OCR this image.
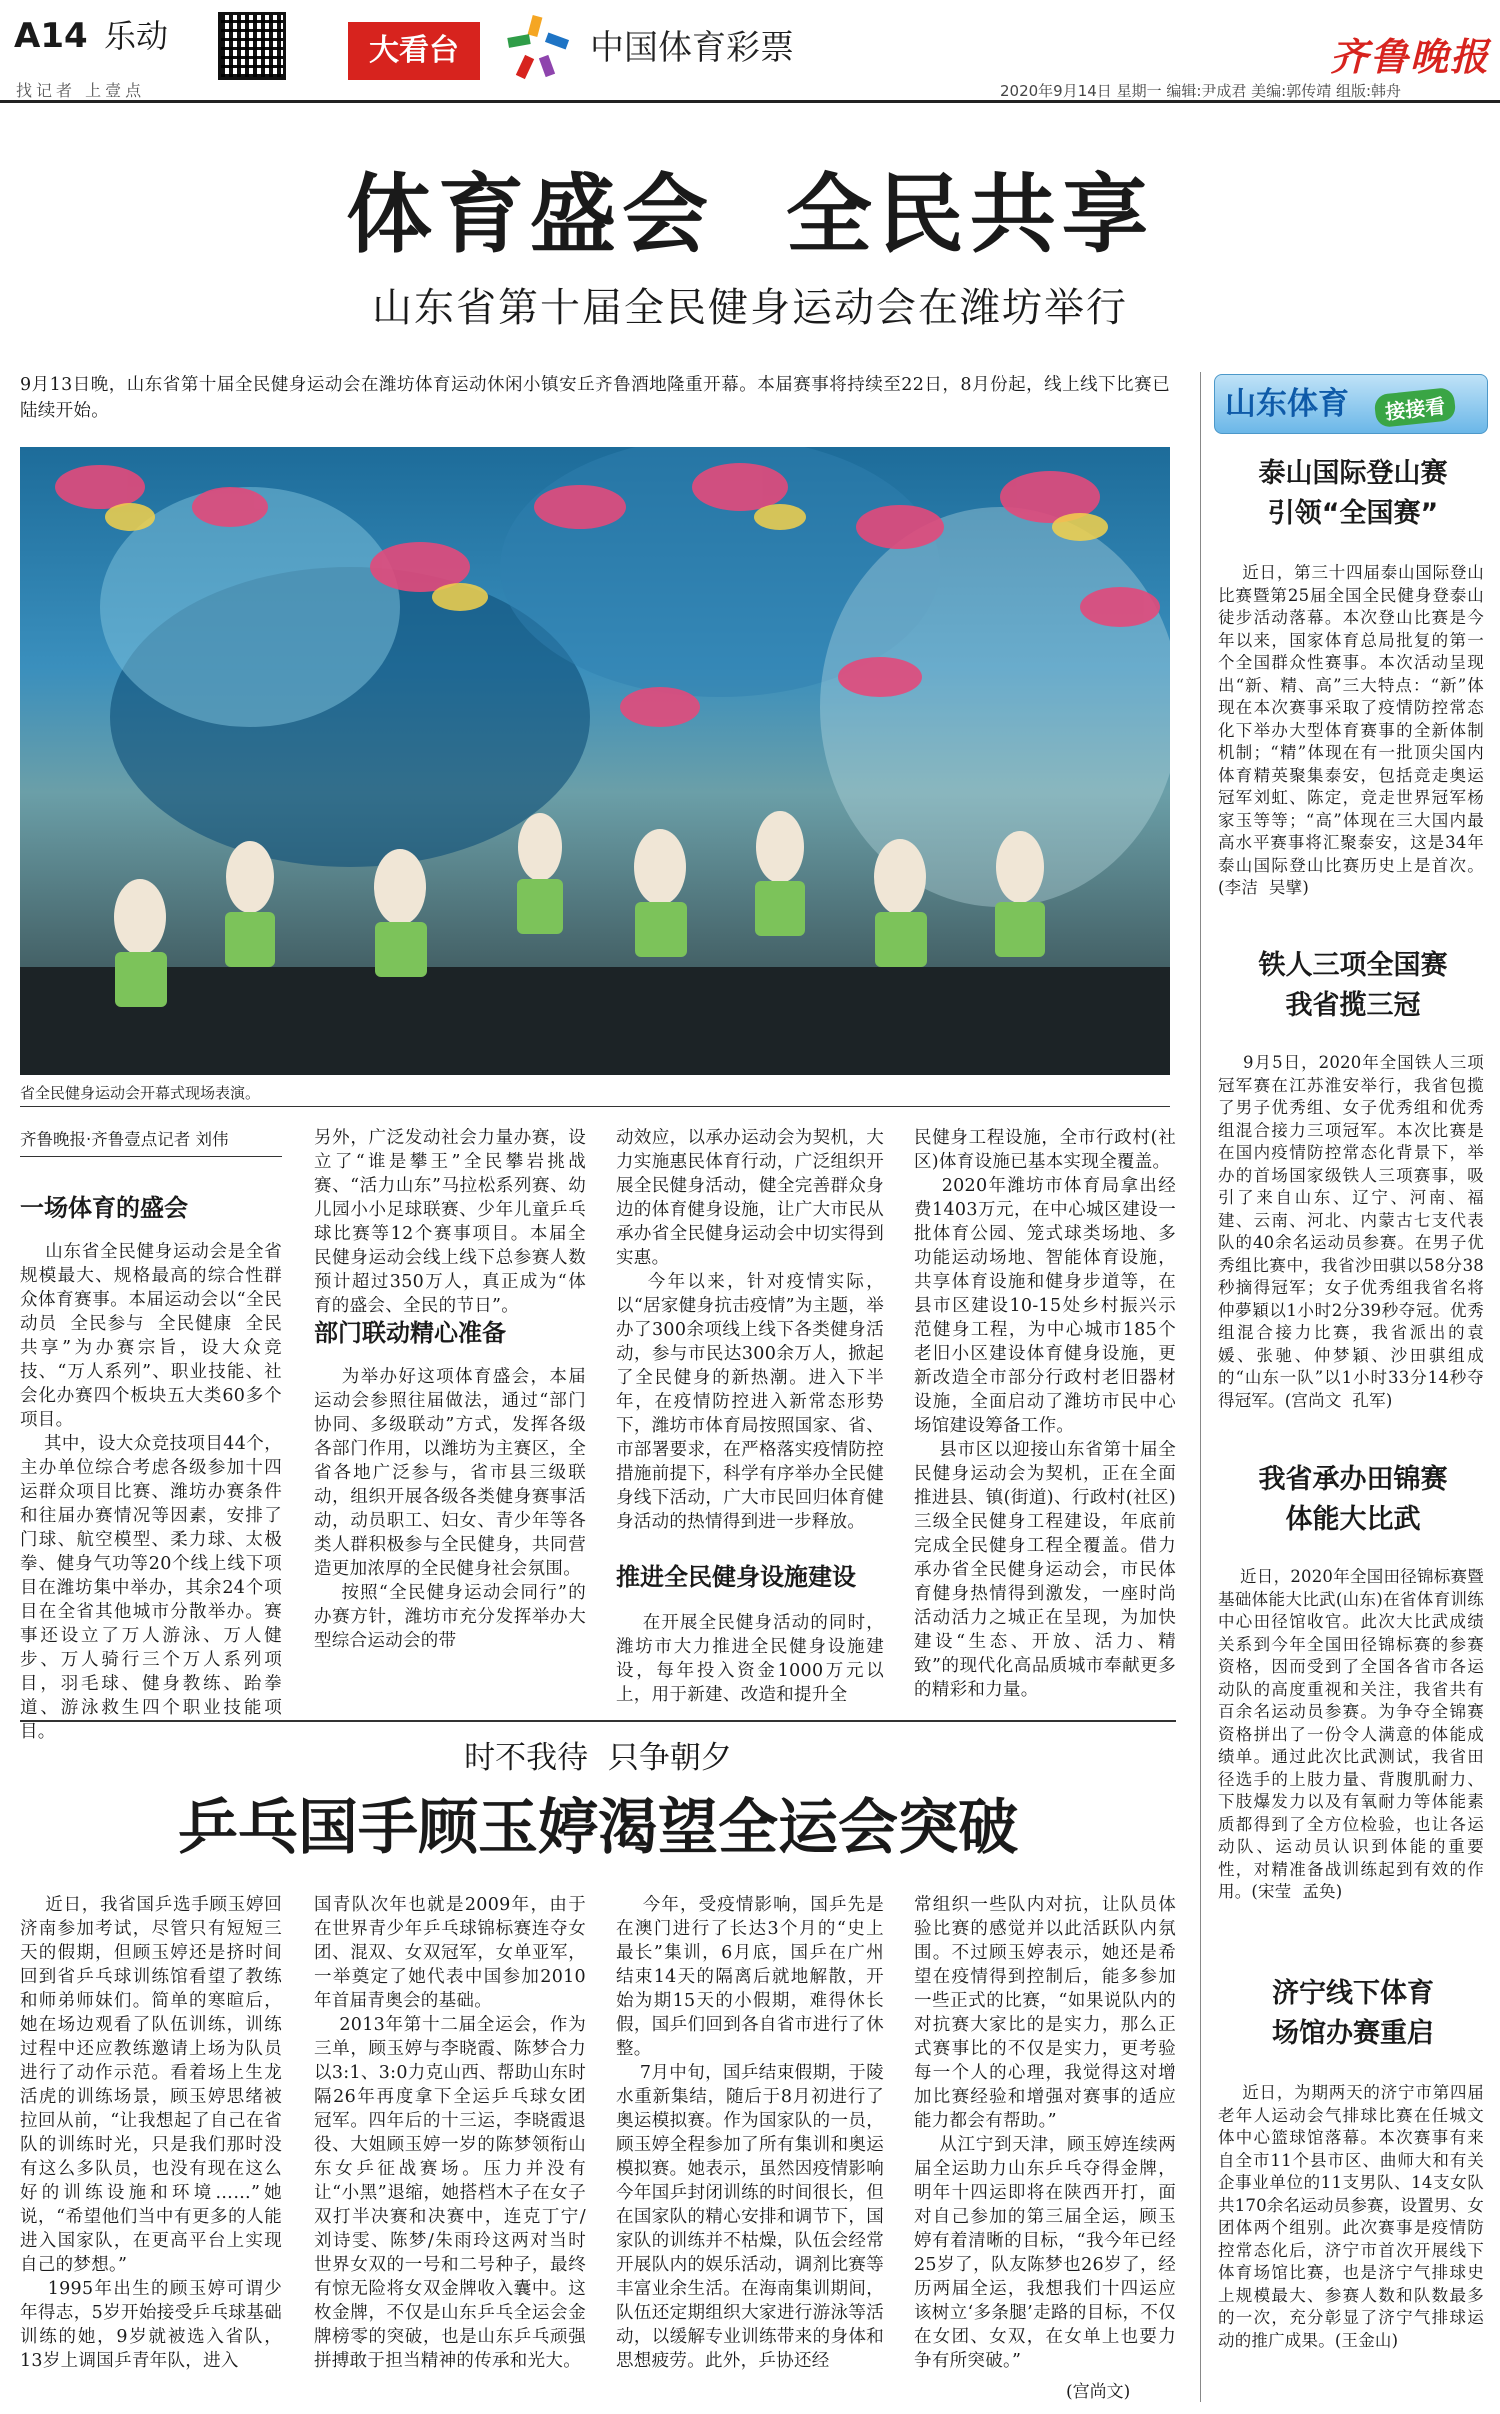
A14 乐动
找记者 上壹点
大看台	中国体育彩票
2020年9月14日 星期一 编辑:尹成君 美编:郭传靖 组版:韩舟
齐鲁晚报
体育盛会  全民共享
山东省第十届全民健身运动会在潍坊举行
9月13日晚，山东省第十届全民健身运动会在潍坊体育运动休闲小镇安丘齐鲁酒地隆重开幕。本届赛事将持续至22日，8月份起，线上线下比赛已陆续开始。
省全民健身运动会开幕式现场表演。
齐鲁晚报·齐鲁壹点记者 刘伟
一场体育的盛会
山东省全民健身运动会是全省规模最大、规格最高的综合性群众体育赛事。本届运动会以“全民动员  全民参与  全民健康  全民共享”为办赛宗旨，设大众竞技、“万人系列”、职业技能、社会化办赛四个板块五大类60多个项目。
其中，设大众竞技项目44个，主办单位综合考虑各级参加十四运群众项目比赛、潍坊办赛条件和往届办赛情况等因素，安排了门球、航空模型、柔力球、太极拳、健身气功等20个线上线下项目在潍坊集中举办，其余24个项目在全省其他城市分散举办。赛事还设立了万人游泳、万人健步、万人骑行三个万人系列项目，羽毛球、健身教练、跆拳道、游泳救生四个职业技能项目。
另外，广泛发动社会力量办赛，设立了“谁是攀王”全民攀岩挑战赛、“活力山东”马拉松系列赛、幼儿园小小足球联赛、少年儿童乒乓球比赛等12个赛事项目。本届全民健身运动会线上线下总参赛人数预计超过350万人，真正成为“体育的盛会、全民的节日”。
部门联动精心准备
为举办好这项体育盛会，本届运动会参照往届做法，通过“部门协同、多级联动”方式，发挥各级各部门作用，以潍坊为主赛区，全省各地广泛参与，省市县三级联动，组织开展各级各类健身赛事活动，动员职工、妇女、青少年等各类人群积极参与全民健身，共同营造更加浓厚的全民健身社会氛围。
按照“全民健身运动会同行”的办赛方针，潍坊市充分发挥举办大型综合运动会的带
动效应，以承办运动会为契机，大力实施惠民体育行动，广泛组织开展全民健身活动，健全完善群众身边的体育健身设施，让广大市民从承办省全民健身运动会中切实得到实惠。
今年以来，针对疫情实际，以“居家健身抗击疫情”为主题，举办了300余项线上线下各类健身活动，参与市民达300余万人，掀起了全民健身的新热潮。进入下半年，在疫情防控进入新常态形势下，潍坊市体育局按照国家、省、市部署要求，在严格落实疫情防控措施前提下，科学有序举办全民健身线下活动，广大市民回归体育健身活动的热情得到进一步释放。
推进全民健身设施建设
在开展全民健身活动的同时，潍坊市大力推进全民健身设施建设，每年投入资金1000万元以上，用于新建、改造和提升全
民健身工程设施，全市行政村(社区)体育设施已基本实现全覆盖。
2020年潍坊市体育局拿出经费1403万元，在中心城区建设一批体育公园、笼式球类场地、多功能运动场地、智能体育设施，共享体育设施和健身步道等，在县市区建设10-15处乡村振兴示范健身工程，为中心城市185个老旧小区建设体育健身设施，更新改造全市部分行政村老旧器材设施，全面启动了潍坊市民中心场馆建设筹备工作。
县市区以迎接山东省第十届全民健身运动会为契机，正在全面推进县、镇(街道)、行政村(社区)三级全民健身工程建设，年底前完成全民健身工程全覆盖。借力承办省全民健身运动会，市民体育健身热情得到激发，一座时尚活动活力之城正在呈现，为加快建设“生态、开放、活力、精致”的现代化高品质城市奉献更多的精彩和力量。
时不我待  只争朝夕
乒乓国手顾玉婷渴望全运会突破
近日，我省国乒选手顾玉婷回济南参加考试，尽管只有短短三天的假期，但顾玉婷还是挤时间回到省乒乓球训练馆看望了教练和师弟师妹们。简单的寒暄后，她在场边观看了队伍训练，训练过程中还应教练邀请上场为队员进行了动作示范。看着场上生龙活虎的训练场景，顾玉婷思绪被拉回从前，“让我想起了自己在省队的训练时光，只是我们那时没有这么多队员，也没有现在这么好的训练设施和环境……”她说，“希望他们当中有更多的人能进入国家队，在更高平台上实现自己的梦想。”
1995年出生的顾玉婷可谓少年得志，5岁开始接受乒乓球基础训练的她，9岁就被选入省队，13岁上调国乒青年队，进入
国青队次年也就是2009年，由于在世界青少年乒乓球锦标赛连夺女团、混双、女双冠军，女单亚军，一举奠定了她代表中国参加2010年首届青奥会的基础。
2013年第十二届全运会，作为三单，顾玉婷与李晓霞、陈梦合力以3:1、3:0力克山西、帮助山东时隔26年再度拿下全运乒乓球女团冠军。四年后的十三运，李晓霞退役、大姐顾玉婷一岁的陈梦领衔山东女乒征战赛场。压力并没有让“小黑”退缩，她搭档木子在女子双打半决赛和决赛中，连克丁宁/刘诗雯、陈梦/朱雨玲这两对当时世界女双的一号和二号种子，最终有惊无险将女双金牌收入囊中。这枚金牌，不仅是山东乒乓全运会金牌榜零的突破，也是山东乒乓顽强拼搏敢于担当精神的传承和光大。
今年，受疫情影响，国乒先是在澳门进行了长达3个月的“史上最长”集训，6月底，国乒在广州结束14天的隔离后就地解散，开始为期15天的小假期，难得休长假，国乒们回到各自省市进行了休整。
7月中旬，国乒结束假期，于陵水重新集结，随后于8月初进行了奥运模拟赛。作为国家队的一员，顾玉婷全程参加了所有集训和奥运模拟赛。她表示，虽然因疫情影响今年国乒封闭训练的时间很长，但在国家队的精心安排和调节下，国家队的训练并不枯燥，队伍会经常开展队内的娱乐活动，调剂比赛等丰富业余生活。在海南集训期间，队伍还定期组织大家进行游泳等活动，以缓解专业训练带来的身体和思想疲劳。此外，乒协还经
常组织一些队内对抗，让队员体验比赛的感觉并以此活跃队内氛围。不过顾玉婷表示，她还是希望在疫情得到控制后，能多参加一些正式的比赛，“如果说队内的对抗赛大家比的是实力，那么正式赛事比的不仅是实力，更考验每一个人的心理，我觉得这对增加比赛经验和增强对赛事的适应能力都会有帮助。”
从江宁到天津，顾玉婷连续两届全运助力山东乒乓夺得金牌，明年十四运即将在陕西开打，面对自己参加的第三届全运，顾玉婷有着清晰的目标，“我今年已经25岁了，队友陈梦也26岁了，经历两届全运，我想我们十四运应该树立‘多条腿’走路的目标，不仅在女团、女双，在女单上也要力争有所突破。”
(宫尚文)
山东体育	接接看
泰山国际登山赛
引领“全国赛”
近日，第三十四届泰山国际登山比赛暨第25届全国全民健身登泰山徒步活动落幕。本次登山比赛是今年以来，国家体育总局批复的第一个全国群众性赛事。本次活动呈现出“新、精、高”三大特点：“新”体现在本次赛事采取了疫情防控常态化下举办大型体育赛事的全新体制机制；“精”体现在有一批顶尖国内体育精英聚集泰安，包括竞走奥运冠军刘虹、陈定，竞走世界冠军杨家玉等等；“高”体现在三大国内最高水平赛事将汇聚泰安，这是34年泰山国际登山比赛历史上是首次。(李洁  吴擘)
铁人三项全国赛
我省揽三冠
9月5日，2020年全国铁人三项冠军赛在江苏淮安举行，我省包揽了男子优秀组、女子优秀组和优秀组混合接力三项冠军。本次比赛是在国内疫情防控常态化背景下，举办的首场国家级铁人三项赛事，吸引了来自山东、辽宁、河南、福建、云南、河北、内蒙古七支代表队的40余名运动员参赛。在男子优秀组比赛中，我省沙田骐以58分38秒摘得冠军；女子优秀组我省名将仲夢穎以1小时2分39秒夺冠。优秀组混合接力比赛，我省派出的袁媛、张驰、仲梦穎、沙田骐组成的“山东一队”以1小时33分14秒夺得冠军。(宫尚文  孔军)
我省承办田锦赛
体能大比武
近日，2020年全国田径锦标赛暨基础体能大比武(山东)在省体育训练中心田径馆收官。此次大比武成绩关系到今年全国田径锦标赛的参赛资格，因而受到了全国各省市各运动队的高度重视和关注，我省共有百余名运动员参赛。为争夺全锦赛资格拼出了一份令人满意的体能成绩单。通过此次比武测试，我省田径选手的上肢力量、背腹肌耐力、下肢爆发力以及有氧耐力等体能素质都得到了全方位检验，也让各运动队、运动员认识到体能的重要性，对精准备战训练起到有效的作用。(宋莹  孟奂)
济宁线下体育
场馆办赛重启
近日，为期两天的济宁市第四届老年人运动会气排球比赛在任城文体中心篮球馆落幕。本次赛事有来自全市11个县市区、曲师大和有关企事业单位的11支男队、14支女队共170余名运动员参赛，设置男、女团体两个组别。此次赛事是疫情防控常态化后，济宁市首次开展线下体育场馆比赛，也是济宁气排球史上规模最大、参赛人数和队数最多的一次，充分彰显了济宁气排球运动的推广成果。(王金山)
